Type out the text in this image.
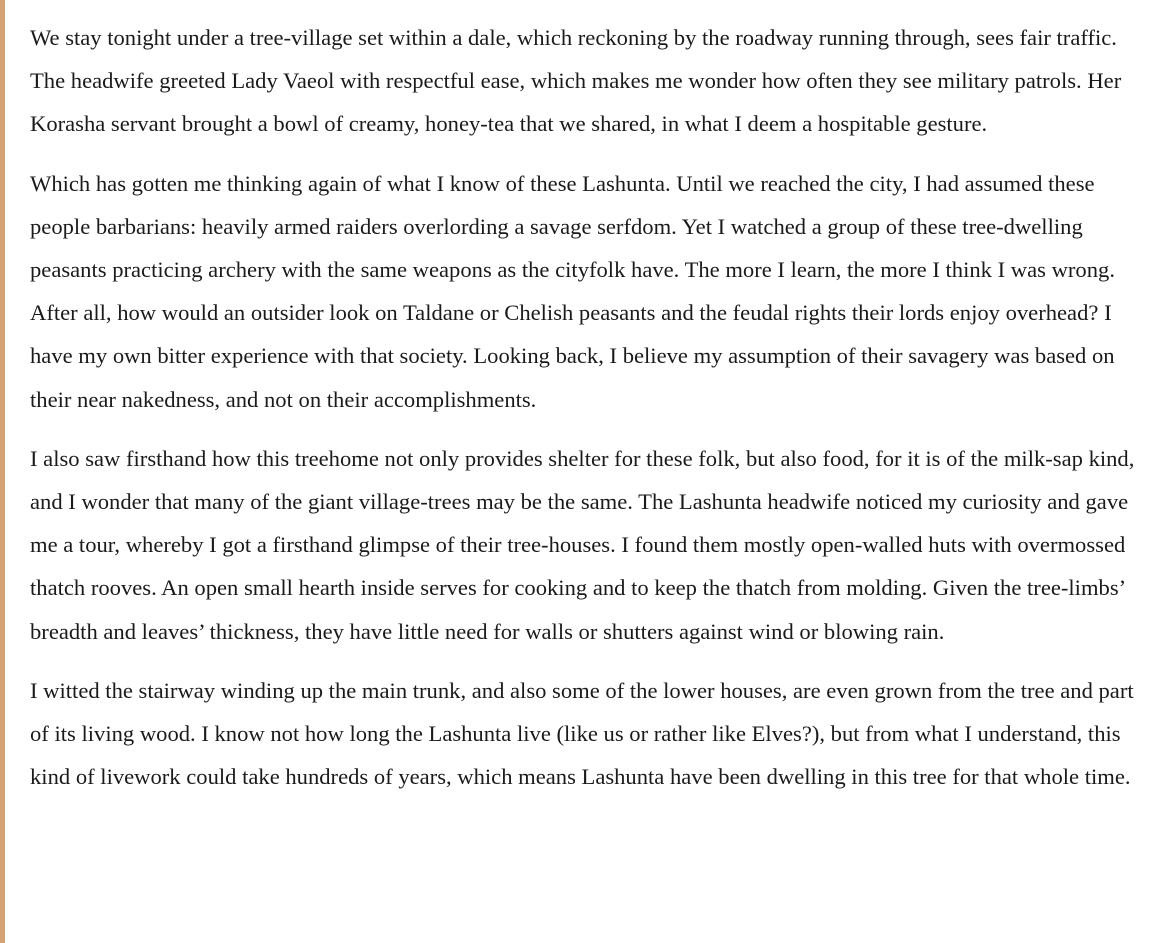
We stay tonight under a tree-village set within a dale, which reckoning by the roadway running through, sees fair traffic. The headwife greeted Lady Vaeol with respectful ease, which makes me wonder how often they see military patrols. Her Korasha servant brought a bowl of creamy, honey-tea that we shared, in what I deem a hospitable gesture.

Which has gotten me thinking again of what I know of these Lashunta. Until we reached the city, I had assumed these people barbarians: heavily armed raiders overlording a savage serfdom. Yet I watched a group of these tree-dwelling peasants practicing archery with the same weapons as the cityfolk have. The more I learn, the more I think I was wrong. After all, how would an outsider look on Taldane or Chelish peasants and the feudal rights their lords enjoy overhead? I have my own bitter experience with that society. Looking back, I believe my assumption of their savagery was based on their near nakedness, and not on their accomplishments.

I also saw firsthand how this treehome not only provides shelter for these folk, but also food, for it is of the milk-sap kind, and I wonder that many of the giant village-trees may be the same. The Lashunta headwife noticed my curiosity and gave me a tour, whereby I got a firsthand glimpse of their tree-houses. I found them mostly open-walled huts with overmossed thatch rooves. An open small hearth inside serves for cooking and to keep the thatch from molding. Given the tree-limbs’ breadth and leaves’ thickness, they have little need for walls or shutters against wind or blowing rain.

I witted the stairway winding up the main trunk, and also some of the lower houses, are even grown from the tree and part of its living wood. I know not how long the Lashunta live (like us or rather like Elves?), but from what I understand, this kind of livework could take hundreds of years, which means Lashunta have been dwelling in this tree for that whole time.
